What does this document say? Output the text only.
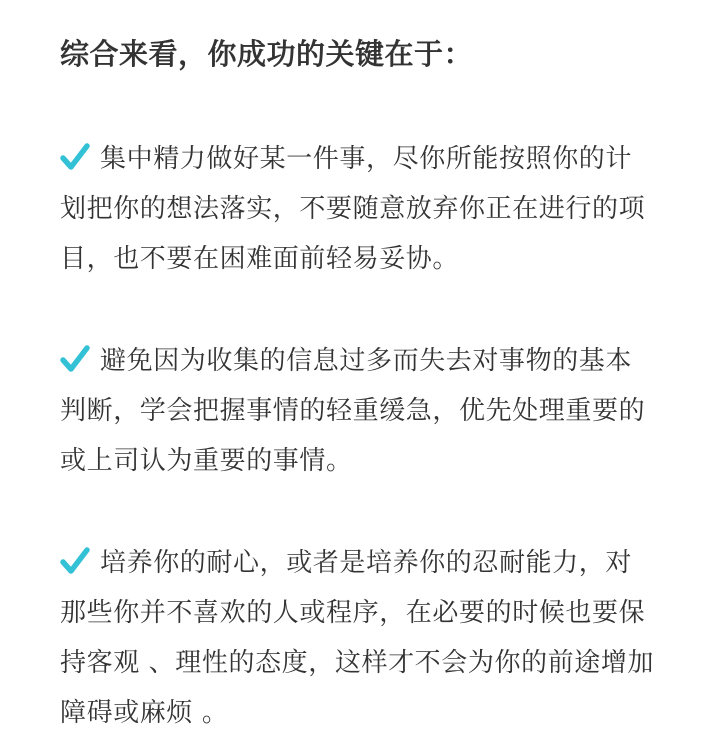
综合来看，你成功的关键在于：

集中精力做好某一件事，尽你所能按照你的计划把你的想法落实，不要随意放弃你正在进行的项目，也不要在困难面前轻易妥协。

避免因为收集的信息过多而失去对事物的基本判断，学会把握事情的轻重缓急，优先处理重要的或上司认为重要的事情。

培养你的耐心，或者是培养你的忍耐能力，对那些你并不喜欢的人或程序，在必要的时候也要保持客观 、理性的态度，这样才不会为你的前途增加障碍或麻烦 。
